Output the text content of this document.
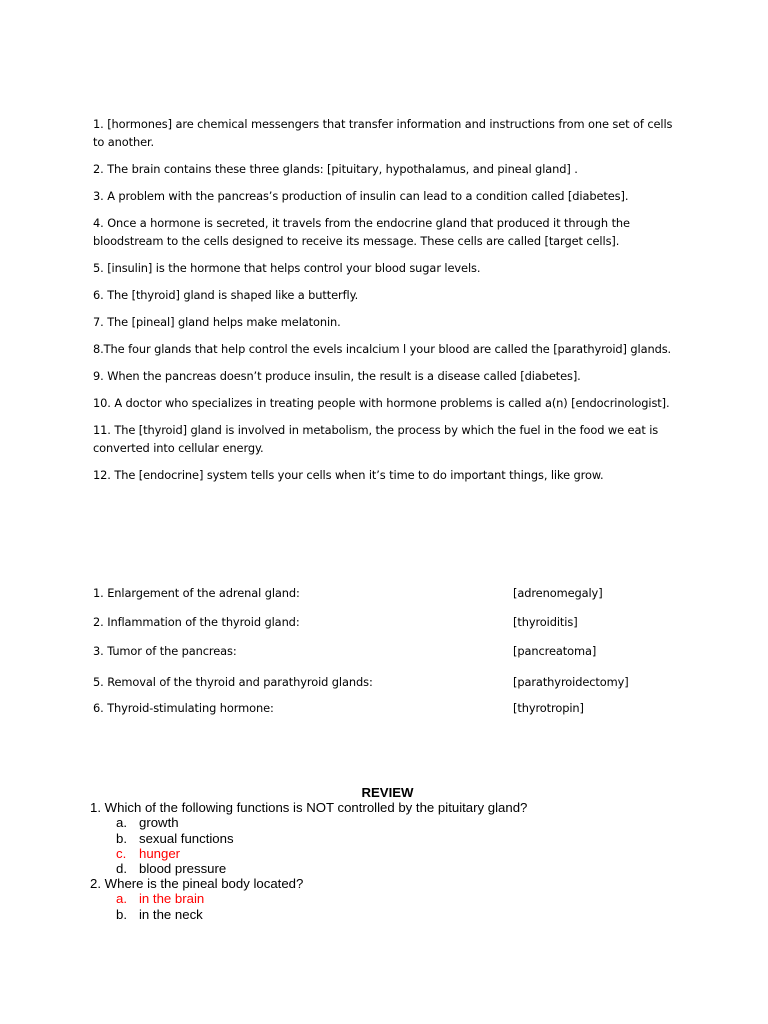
1. [hormones] are chemical messengers that transfer information and instructions from one set of cells to another.

2. The brain contains these three glands: [pituitary, hypothalamus, and pineal gland] .

3. A problem with the pancreas’s production of insulin can lead to a condition called [diabetes].

4. Once a hormone is secreted, it travels from the endocrine gland that produced it through the bloodstream to the cells designed to receive its message. These cells are called [target cells].

5. [insulin] is the hormone that helps control your blood sugar levels.

6. The [thyroid] gland is shaped like a butterfly.

7. The [pineal] gland helps make melatonin.

8.The four glands that help control the evels incalcium l your blood are called the [parathyroid] glands.

9. When the pancreas doesn’t produce insulin, the result is a disease called [diabetes].

10. A doctor who specializes in treating people with hormone problems is called a(n) [endocrinologist].

11. The [thyroid] gland is involved in metabolism, the process by which the fuel in the food we eat is converted into cellular energy.

12. The [endocrine] system tells your cells when it’s time to do important things, like grow.

1. Enlargement of the adrenal gland:	[adrenomegaly]
2. Inflammation of the thyroid gland:	[thyroiditis]
3. Tumor of the pancreas:	[pancreatoma]
5. Removal of the thyroid and parathyroid glands:	[parathyroidectomy]
6. Thyroid-stimulating hormone:	[thyrotropin]
REVIEW
1. Which of the following functions is NOT controlled by the pituitary gland?
a. growth
b. sexual functions
c. hunger
d. blood pressure
2. Where is the pineal body located?
a. in the brain
b. in the neck
